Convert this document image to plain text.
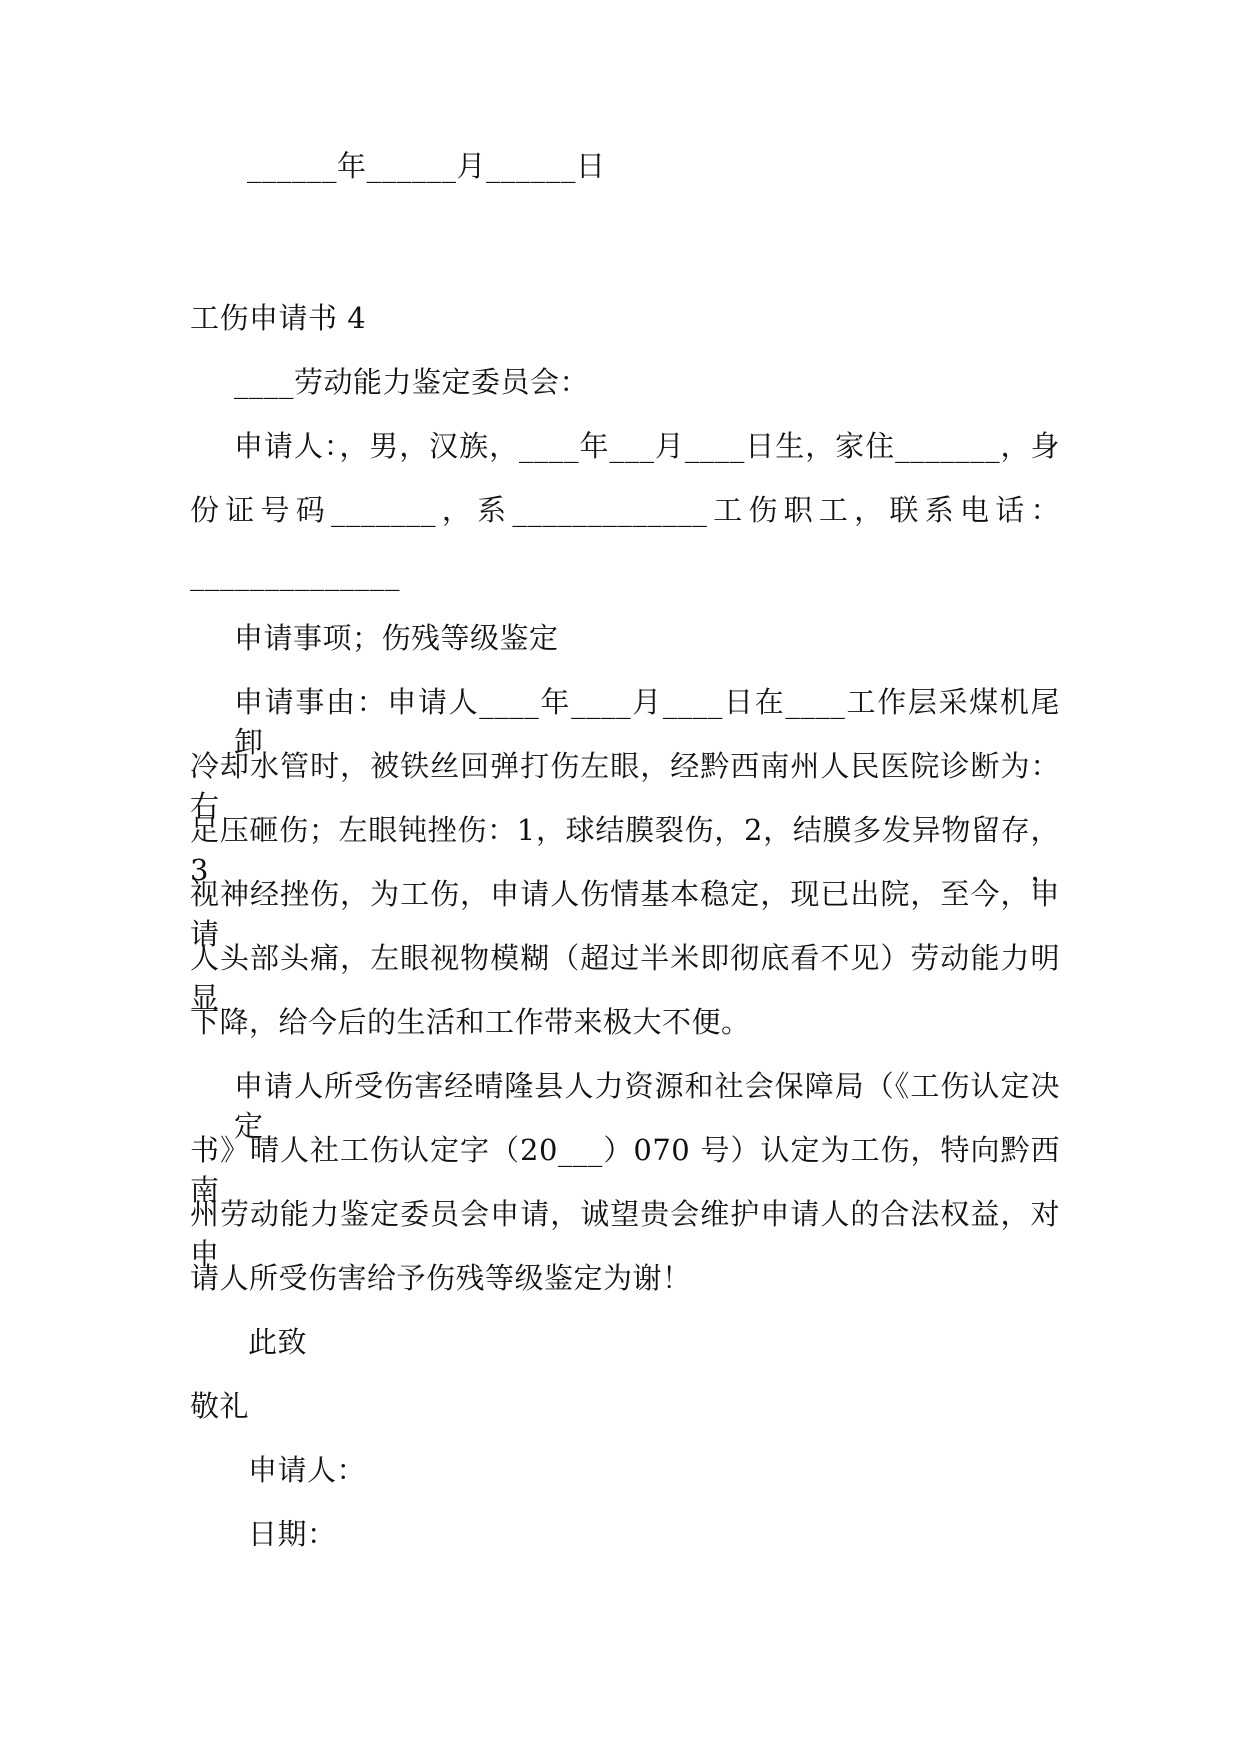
______年______月______日
工伤申请书 4
____劳动能力鉴定委员会：
申请人：，男，汉族，____年___月____日生，家住_______，身
份证号码_______，系_____________工伤职工，联系电话：
______________
申请事项；伤残等级鉴定
申请事由：申请人____年____月____日在____工作层采煤机尾卸
冷却水管时，被铁丝回弹打伤左眼，经黔西南州人民医院诊断为：右
足压砸伤；左眼钝挫伤：1，球结膜裂伤，2，结膜多发异物留存，3，
视神经挫伤，为工伤，申请人伤情基本稳定，现已出院，至今，申请
人头部头痛，左眼视物模糊（超过半米即彻底看不见）劳动能力明显
下降，给今后的生活和工作带来极大不便。
申请人所受伤害经晴隆县人力资源和社会保障局（《工伤认定决定
书》晴人社工伤认定字（20___）070 号）认定为工伤，特向黔西南
州劳动能力鉴定委员会申请，诚望贵会维护申请人的合法权益，对申
请人所受伤害给予伤残等级鉴定为谢！
此致
敬礼
申请人：
日期：
